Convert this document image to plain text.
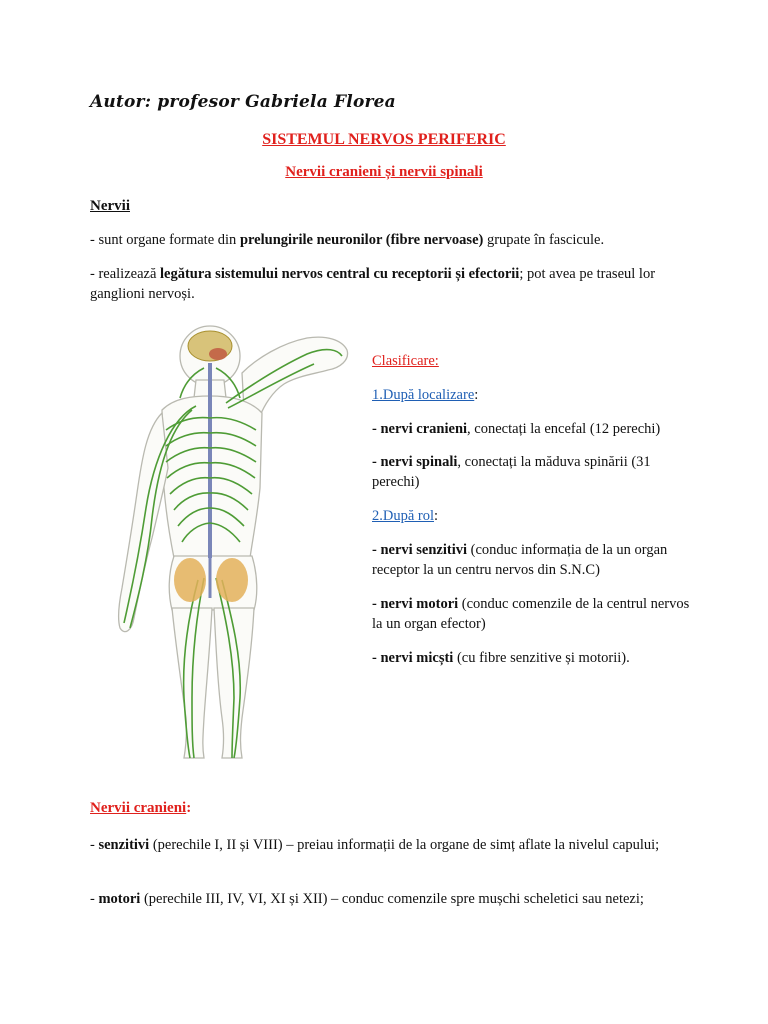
Autor: profesor Gabriela Florea
SISTEMUL NERVOS PERIFERIC
Nervii cranieni și nervii spinali
Nervii
- sunt organe formate din prelungirile neuronilor (fibre nervoase) grupate în fascicule.
- realizează legătura sistemului nervos central cu receptorii și efectorii; pot avea pe traseul lor ganglioni nervoși.
Clasificare:
1.După localizare:
- nervi cranieni, conectați la encefal (12 perechi)
- nervi spinali, conectați la măduva spinării (31 perechi)
2.După rol:
- nervi senzitivi (conduc informația de la un organ receptor la un centru nervos din S.N.C)
- nervi motori (conduc comenzile de la centrul nervos la un organ efector)
- nervi micști (cu fibre senzitive și motorii).
Nervii cranieni:
- senzitivi (perechile I, II și VIII) – preiau informații de la organe de simț aflate la nivelul capului;
- motori (perechile III, IV, VI, XI și XII) – conduc comenzile spre mușchi scheletici sau netezi;
